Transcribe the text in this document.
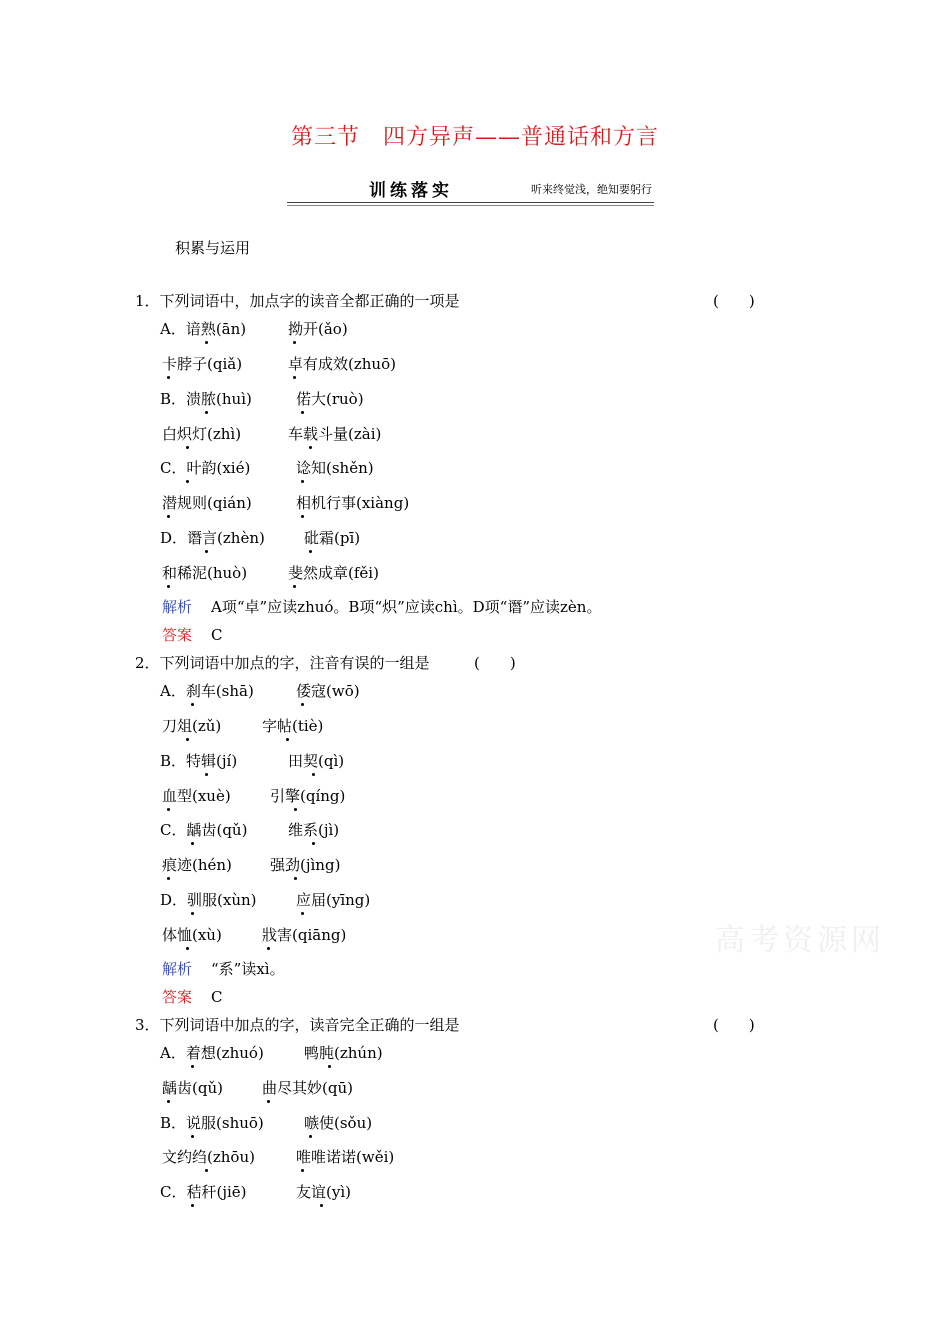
第三节　四方异声——普通话和方言
训练落实	听来终觉浅，绝知要躬行
积累与运用
1．下列词语中，加点字的读音全都正确的一项是	(　　)
A．谙熟(ān)	拗开(ǎo)
卡脖子(qiǎ)	卓有成效(zhuō)
B．溃脓(huì)	偌大(ruò)
白炽灯(zhì)	车载斗量(zài)
C．叶韵(xié)	谂知(shěn)
潜规则(qián)	相机行事(xiàng)
D．谮言(zhèn)	砒霜(pī)
和稀泥(huò)	斐然成章(fěi)
解析 A项“卓”应读zhuó。B项“炽”应读chì。D项“谮”应读zèn。
答案 C
2．下列词语中加点的字，注音有误的一组是	(　　)
A．刹车(shā)	倭寇(wō)
刀俎(zǔ)	字帖(tiè)
B．特辑(jí)	田契(qì)
血型(xuè)	引擎(qíng)
C．龋齿(qǔ)	维系(jì)
痕迹(hén)	强劲(jìng)
D．驯服(xùn)	应届(yīng)
体恤(xù)	戕害(qiāng)
解析 “系”读xì。
答案 C
3．下列词语中加点的字，读音完全正确的一组是	(　　)
A．着想(zhuó)	鸭肫(zhún)
龋齿(qǔ)	曲尽其妙(qū)
B．说服(shuō)	嗾使(sǒu)
文约绉(zhōu)	唯唯诺诺(wěi)
C．秸秆(jiē)	友谊(yì)
高考资源网
